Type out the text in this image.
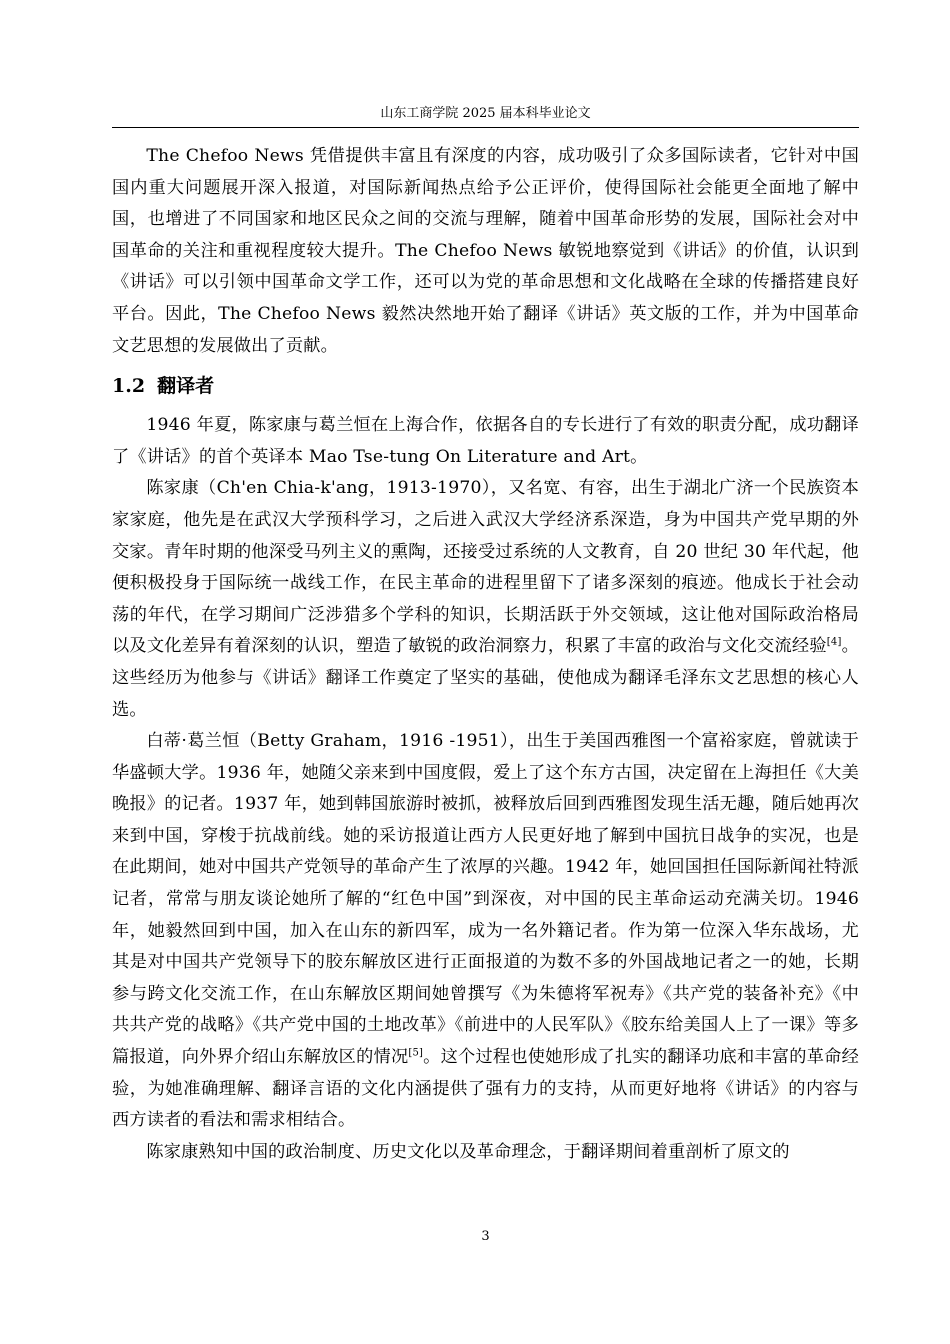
山东工商学院 2025 届本科毕业论文

The Chefoo News 凭借提供丰富且有深度的内容，成功吸引了众多国际读者，它针对中国国内重大问题展开深入报道，对国际新闻热点给予公正评价，使得国际社会能更全面地了解中国，也增进了不同国家和地区民众之间的交流与理解，随着中国革命形势的发展，国际社会对中国革命的关注和重视程度较大提升。The Chefoo News 敏锐地察觉到《讲话》的价值，认识到《讲话》可以引领中国革命文学工作，还可以为党的革命思想和文化战略在全球的传播搭建良好平台。因此，The Chefoo News 毅然决然地开始了翻译《讲话》英文版的工作，并为中国革命文艺思想的发展做出了贡献。

1.2 翻译者

1946 年夏，陈家康与葛兰恒在上海合作，依据各自的专长进行了有效的职责分配，成功翻译了《讲话》的首个英译本 Mao Tse-tung On Literature and Art。

陈家康（Ch'en Chia-k'ang，1913-1970），又名宽、有容，出生于湖北广济一个民族资本家家庭，他先是在武汉大学预科学习，之后进入武汉大学经济系深造，身为中国共产党早期的外交家。青年时期的他深受马列主义的熏陶，还接受过系统的人文教育，自 20 世纪 30 年代起，他便积极投身于国际统一战线工作，在民主革命的进程里留下了诸多深刻的痕迹。他成长于社会动荡的年代，在学习期间广泛涉猎多个学科的知识，长期活跃于外交领域，这让他对国际政治格局以及文化差异有着深刻的认识，塑造了敏锐的政治洞察力，积累了丰富的政治与文化交流经验[4]。这些经历为他参与《讲话》翻译工作奠定了坚实的基础，使他成为翻译毛泽东文艺思想的核心人选。

白蒂·葛兰恒（Betty Graham，1916 -1951），出生于美国西雅图一个富裕家庭，曾就读于华盛顿大学。1936 年，她随父亲来到中国度假，爱上了这个东方古国，决定留在上海担任《大美晚报》的记者。1937 年，她到韩国旅游时被抓，被释放后回到西雅图发现生活无趣，随后她再次来到中国，穿梭于抗战前线。她的采访报道让西方人民更好地了解到中国抗日战争的实况，也是在此期间，她对中国共产党领导的革命产生了浓厚的兴趣。1942 年，她回国担任国际新闻社特派记者，常常与朋友谈论她所了解的“红色中国”到深夜，对中国的民主革命运动充满关切。1946 年，她毅然回到中国，加入在山东的新四军，成为一名外籍记者。作为第一位深入华东战场，尤其是对中国共产党领导下的胶东解放区进行正面报道的为数不多的外国战地记者之一的她，长期参与跨文化交流工作，在山东解放区期间她曾撰写《为朱德将军祝寿》《共产党的装备补充》《中共共产党的战略》《共产党中国的土地改革》《前进中的人民军队》《胶东给美国人上了一课》等多篇报道，向外界介绍山东解放区的情况[5]。这个过程也使她形成了扎实的翻译功底和丰富的革命经验，为她准确理解、翻译言语的文化内涵提供了强有力的支持，从而更好地将《讲话》的内容与西方读者的看法和需求相结合。

陈家康熟知中国的政治制度、历史文化以及革命理念，于翻译期间着重剖析了原文的

3
